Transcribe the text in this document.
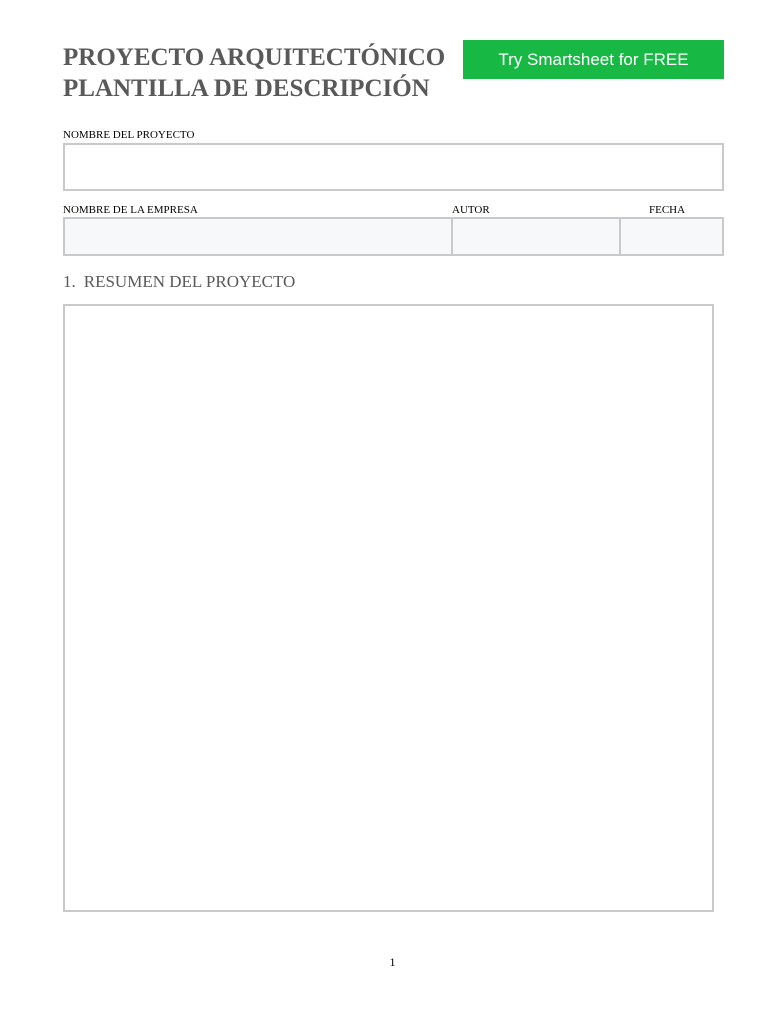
PROYECTO ARQUITECTÓNICO
PLANTILLA DE DESCRIPCIÓN
Try Smartsheet for FREE
NOMBRE DEL PROYECTO
NOMBRE DE LA EMPRESA	AUTOR	FECHA
1. RESUMEN DEL PROYECTO
1
